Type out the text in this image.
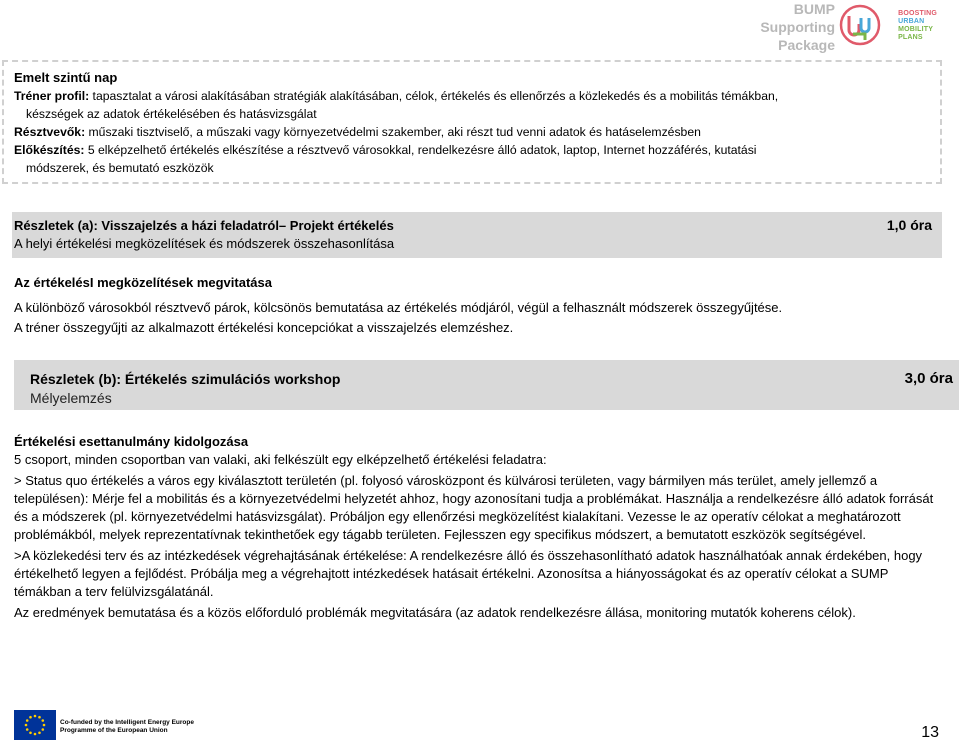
BUMP
Supporting
Package
BOOSTING
URBAN
MOBILITY
PLANS
Emelt szintű nap

Tréner profil: tapasztalat a városi alakításában stratégiák alakításában, célok, értékelés és ellenőrzés a közlekedés és a mobilitás témákban,

készségek az adatok értékelésében és hatásvizsgálat

Résztvevők: műszaki tisztviselő, a műszaki vagy környezetvédelmi szakember, aki részt tud venni adatok és hatáselemzésben

Előkészítés: 5 elképzelhető értékelés elkészítése a résztvevő városokkal, rendelkezésre álló adatok, laptop, Internet hozzáférés, kutatási

módszerek, és bemutató eszközök

Részletek (a): Visszajelzés a házi feladatról– Projekt értékelés
A helyi értékelési megközelítések és módszerek összehasonlítása
1,0 óra
Az értékelésI megközelítések megvitatása
A különböző városokból résztvevő párok, kölcsönös bemutatása az értékelés módjáról, végül a felhasznált módszerek összegyűjtése.
A tréner összegyűjti az alkalmazott értékelési koncepciókat a visszajelzés elemzéshez.
Részletek (b): Értékelés szimulációs workshop
Mélyelemzés
3,0 óra
Értékelési esettanulmány kidolgozása

5 csoport, minden csoportban van valaki, aki felkészült egy elképzelhető értékelési feladatra:

> Status quo értékelés a város egy kiválasztott területén (pl. folyosó városközpont és külvárosi területen, vagy bármilyen más terület, amely jellemző a településen): Mérje fel a mobilitás és a környezetvédelmi helyzetét ahhoz, hogy azonosítani tudja a problémákat. Használja a rendelkezésre álló adatok forrását és a módszerek (pl. környezetvédelmi hatásvizsgálat). Próbáljon egy ellenőrzési megközelítést kialakítani. Vezesse le az operatív célokat a meghatározott problémákból, melyek reprezentatívnak tekinthetőek egy tágabb területen. Fejlesszen egy specifikus módszert, a bemutatott eszközök segítségével.

>A közlekedési terv és az intézkedések végrehajtásának értékelése: A rendelkezésre álló és összehasonlítható adatok használhatóak annak érdekében, hogy értékelhető legyen a fejlődést. Próbálja meg a végrehajtott intézkedések hatásait értékelni. Azonosítsa a hiányosságokat és az operatív célokat a SUMP témákban a terv felülvizsgálatánál.

Az eredmények bemutatása és a közös előforduló problémák megvitatására (az adatok rendelkezésre állása, monitoring mutatók koherens célok).

Co-funded by the Intelligent Energy Europe
Programme of the European Union	13
